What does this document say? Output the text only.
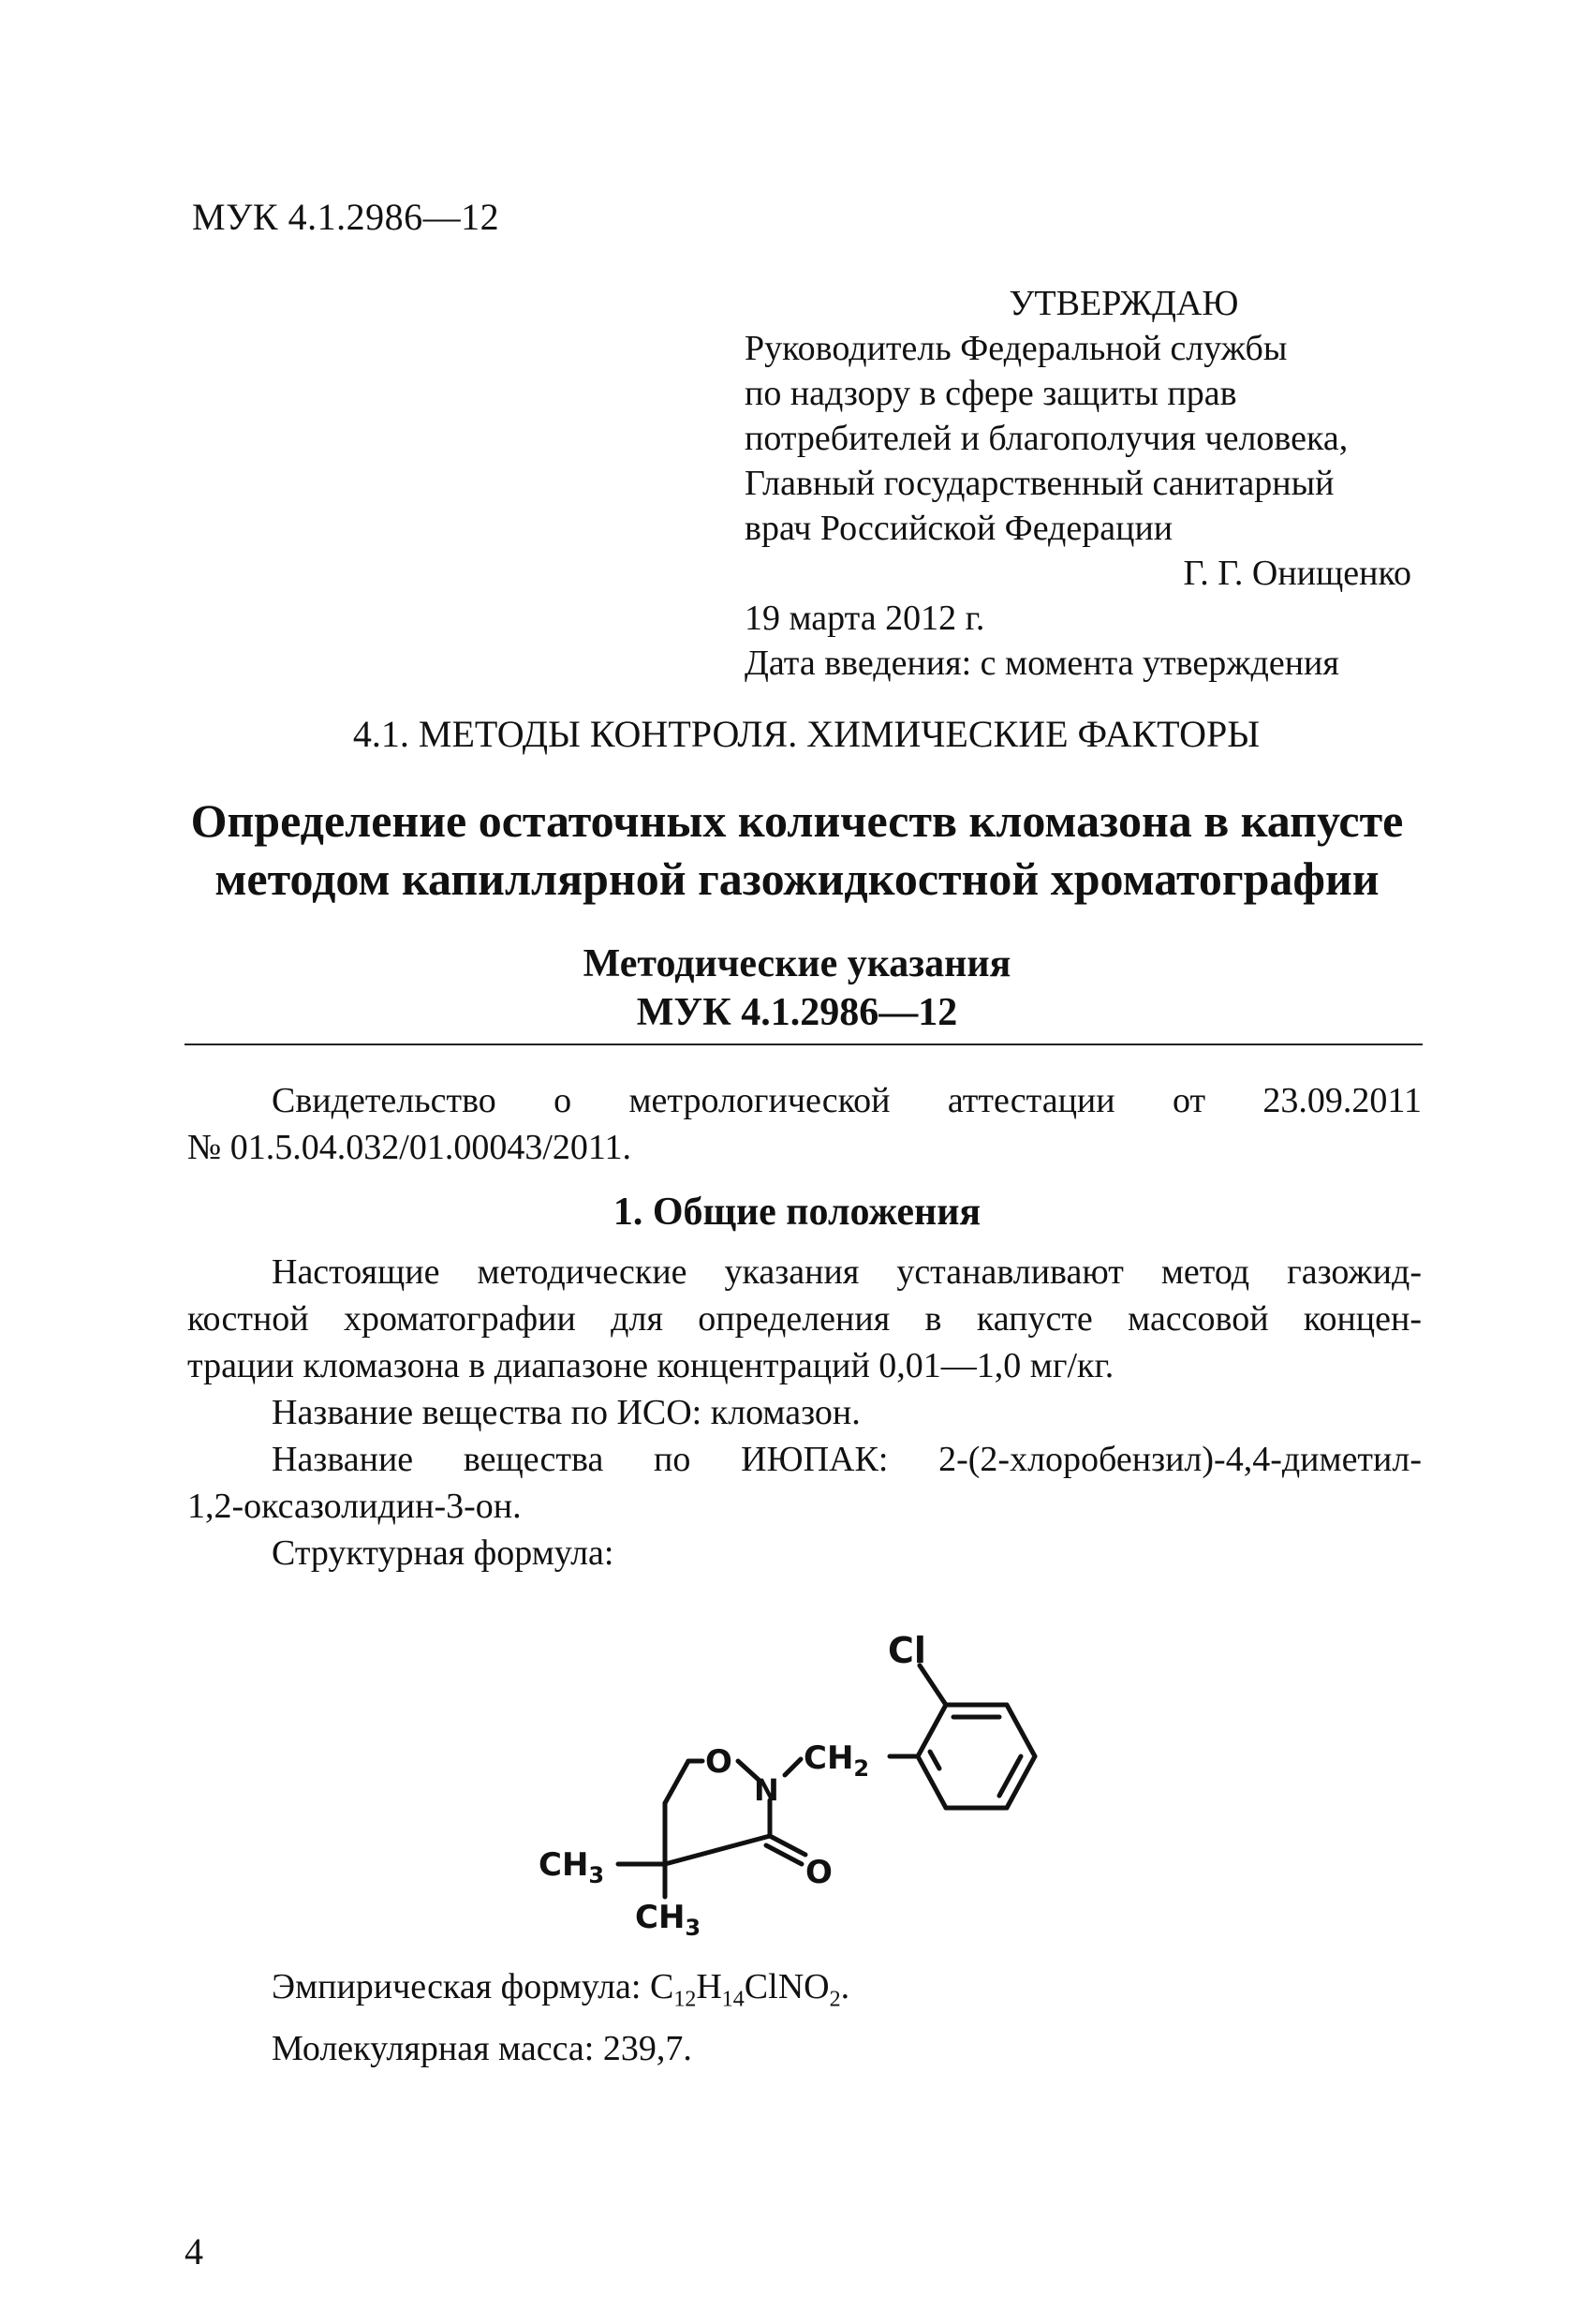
МУК 4.1.2986—12
УТВЕРЖДАЮ
Руководитель Федеральной службы
по надзору в сфере защиты прав
потребителей и благополучия человека,
Главный государственный санитарный
врач Российской Федерации
Г. Г. Онищенко
19 марта 2012 г.
Дата введения: с момента утверждения
4.1. МЕТОДЫ КОНТРОЛЯ. ХИМИЧЕСКИЕ ФАКТОРЫ
Определение остаточных количеств кломазона в капусте
методом капиллярной газожидкостной хроматографии
Методические указания
МУК 4.1.2986—12

Свидетельство о метрологической аттестации от 23.09.2011

№ 01.5.04.032/01.00043/2011.

1. Общие положения

Настоящие методические указания устанавливают метод газожид-

костной хроматографии для определения в капусте массовой концен-

трации кломазона в диапазоне концентраций 0,01—1,0 мг/кг.

Название вещества по ИСО: кломазон.

Название вещества по ИЮПАК: 2-(2-хлоробензил)-4,4-диметил-

1,2-оксазолидин-3-он.

Структурная формула:

Cl
O
N
$CH_2$
$CH_3$
$CH_3$
O

Эмпирическая формула: $C_{12}H_{14}ClNO_2$.

Молекулярная масса: 239,7.

4
